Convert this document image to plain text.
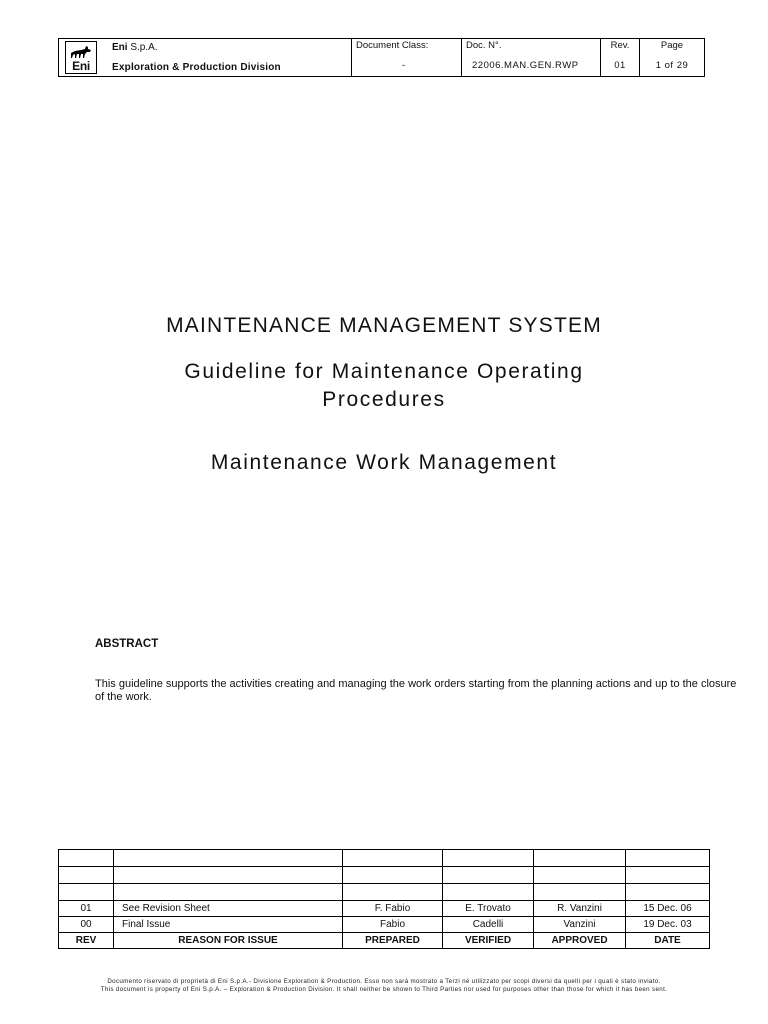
Eni
Eni S.p.A.
Exploration & Production Division
Document Class:
-
Doc. N°.
22006.MAN.GEN.RWP
Rev.
01
Page
1 of 29
MAINTENANCE MANAGEMENT SYSTEM
Guideline for Maintenance Operating
Procedures
Maintenance Work Management
ABSTRACT
This guideline supports the activities creating and managing the work orders starting from the planning actions and up to the closure of the work.

01	See Revision Sheet	F. Fabio	E. Trovato	R. Vanzini	15 Dec. 06
00	Final Issue	Fabio	Cadelli	Vanzini	19 Dec. 03
REV	REASON FOR ISSUE	PREPARED	VERIFIED	APPROVED	DATE
Documento riservato di proprietà di Eni S.p.A.- Divisione Exploration & Production. Esso non sarà mostrato a Terzi né utilizzato per scopi diversi da quelli per i quali è stato inviato.
This document is property of Eni S.p.A. – Exploration & Production Division. It shall neither be shown to Third Parties nor used for purposes other than those for which it has been sent.
